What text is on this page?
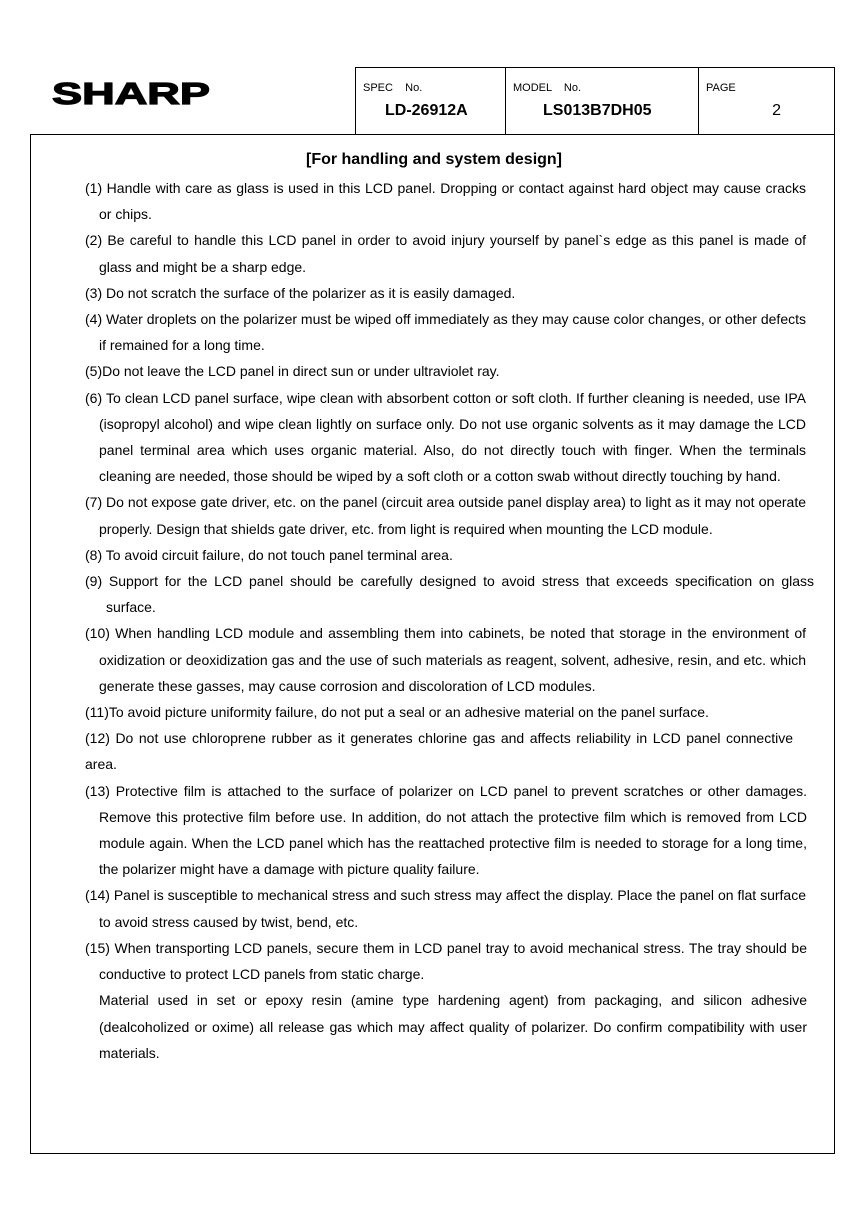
SHARP	SPEC    No.
LD-26912A
MODEL    No.
LS013B7DH05
PAGE
2
[For handling and system design]

(1) Handle with care as glass is used in this LCD panel. Dropping or contact against hard object may cause cracks or chips.

(2) Be careful to handle this LCD panel in order to avoid injury yourself by panel`s edge as this panel is made of glass and might be a sharp edge.

(3) Do not scratch the surface of the polarizer as it is easily damaged.

(4) Water droplets on the polarizer must be wiped off immediately as they may cause color changes, or other defects if remained for a long time.

(5)Do not leave the LCD panel in direct sun or under ultraviolet ray.

(6) To clean LCD panel surface, wipe clean with absorbent cotton or soft cloth. If further cleaning is needed, use IPA (isopropyl alcohol) and wipe clean lightly on surface only. Do not use organic solvents as it may damage the LCD panel terminal area which uses organic material. Also, do not directly touch with finger. When the terminals cleaning are needed, those should be wiped by a soft cloth or a cotton swab without directly touching by hand.

(7) Do not expose gate driver, etc. on the panel (circuit area outside panel display area) to light as it may not operate properly. Design that shields gate driver, etc. from light is required when mounting the LCD module.

(8) To avoid circuit failure, do not touch panel terminal area.

(9) Support for the LCD panel should be carefully designed to avoid stress that exceeds specification on glass surface.

(10) When handling LCD module and assembling them into cabinets, be noted that storage in the environment of oxidization or deoxidization gas and the use of such materials as reagent, solvent, adhesive, resin, and etc. which generate these gasses, may cause corrosion and discoloration of LCD modules.

(11)To avoid picture uniformity failure, do not put a seal or an adhesive material on the panel surface.

(12) Do not use chloroprene rubber as it generates chlorine gas and affects reliability in LCD panel connective area.

(13) Protective film is attached to the surface of polarizer on LCD panel to prevent scratches or other damages. Remove this protective film before use. In addition, do not attach the protective film which is removed from LCD module again. When the LCD panel which has the reattached protective film is needed to storage for a long time, the polarizer might have a damage with picture quality failure.

(14) Panel is susceptible to mechanical stress and such stress may affect the display. Place the panel on flat surface to avoid stress caused by twist, bend, etc.

(15) When transporting LCD panels, secure them in LCD panel tray to avoid mechanical stress. The tray should be conductive to protect LCD panels from static charge.

Material used in set or epoxy resin (amine type hardening agent) from packaging, and silicon adhesive (dealcoholized or oxime) all release gas which may affect quality of polarizer. Do confirm compatibility with user materials.
